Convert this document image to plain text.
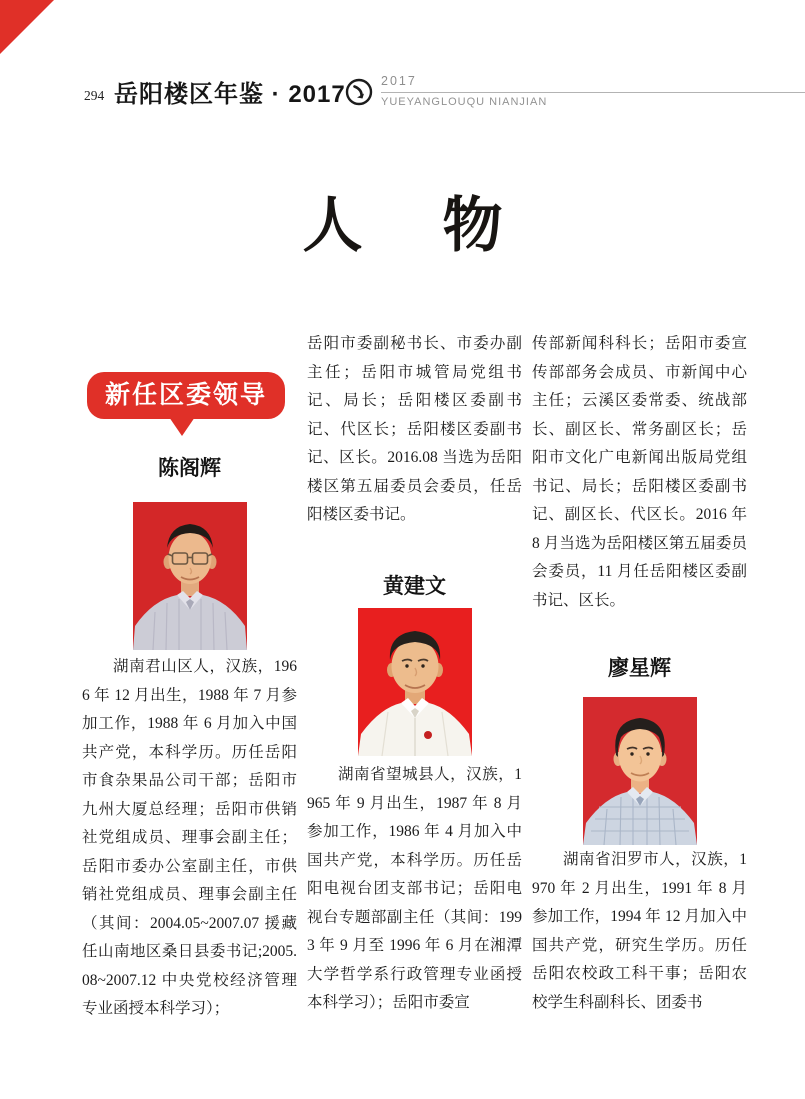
294 岳阳楼区年鉴 · 2017	2017
YUEYANGLOUQU NIANJIAN
人　物
新任区委领导
陈阁辉
湖南君山区人，汉族，1966 年 12 月出生，1988 年 7 月参加工作，1988 年 6 月加入中国共产党，本科学历。历任岳阳市食杂果品公司干部；岳阳市九州大厦总经理；岳阳市供销社党组成员、理事会副主任；岳阳市委办公室副主任，市供销社党组成员、理事会副主任（其间：2004.05~2007.07 援藏任山南地区桑日县委书记;2005.08~2007.12 中央党校经济管理专业函授本科学习）；
岳阳市委副秘书长、市委办副主任；岳阳市城管局党组书记、局长；岳阳楼区委副书记、代区长；岳阳楼区委副书记、区长。2016.08 当选为岳阳楼区第五届委员会委员，任岳阳楼区委书记。
黄建文
湖南省望城县人，汉族，1965 年 9 月出生，1987 年 8 月参加工作，1986 年 4 月加入中国共产党，本科学历。历任岳阳电视台团支部书记；岳阳电视台专题部副主任（其间：1993 年 9 月至 1996 年 6 月在湘潭大学哲学系行政管理专业函授本科学习）；岳阳市委宣
传部新闻科科长；岳阳市委宣传部部务会成员、市新闻中心主任；云溪区委常委、统战部长、副区长、常务副区长；岳阳市文化广电新闻出版局党组书记、局长；岳阳楼区委副书记、副区长、代区长。2016 年 8 月当选为岳阳楼区第五届委员会委员，11 月任岳阳楼区委副书记、区长。
廖星辉
湖南省汨罗市人，汉族，1970 年 2 月出生，1991 年 8 月参加工作，1994 年 12 月加入中国共产党，研究生学历。历任岳阳农校政工科干事；岳阳农校学生科副科长、团委书
